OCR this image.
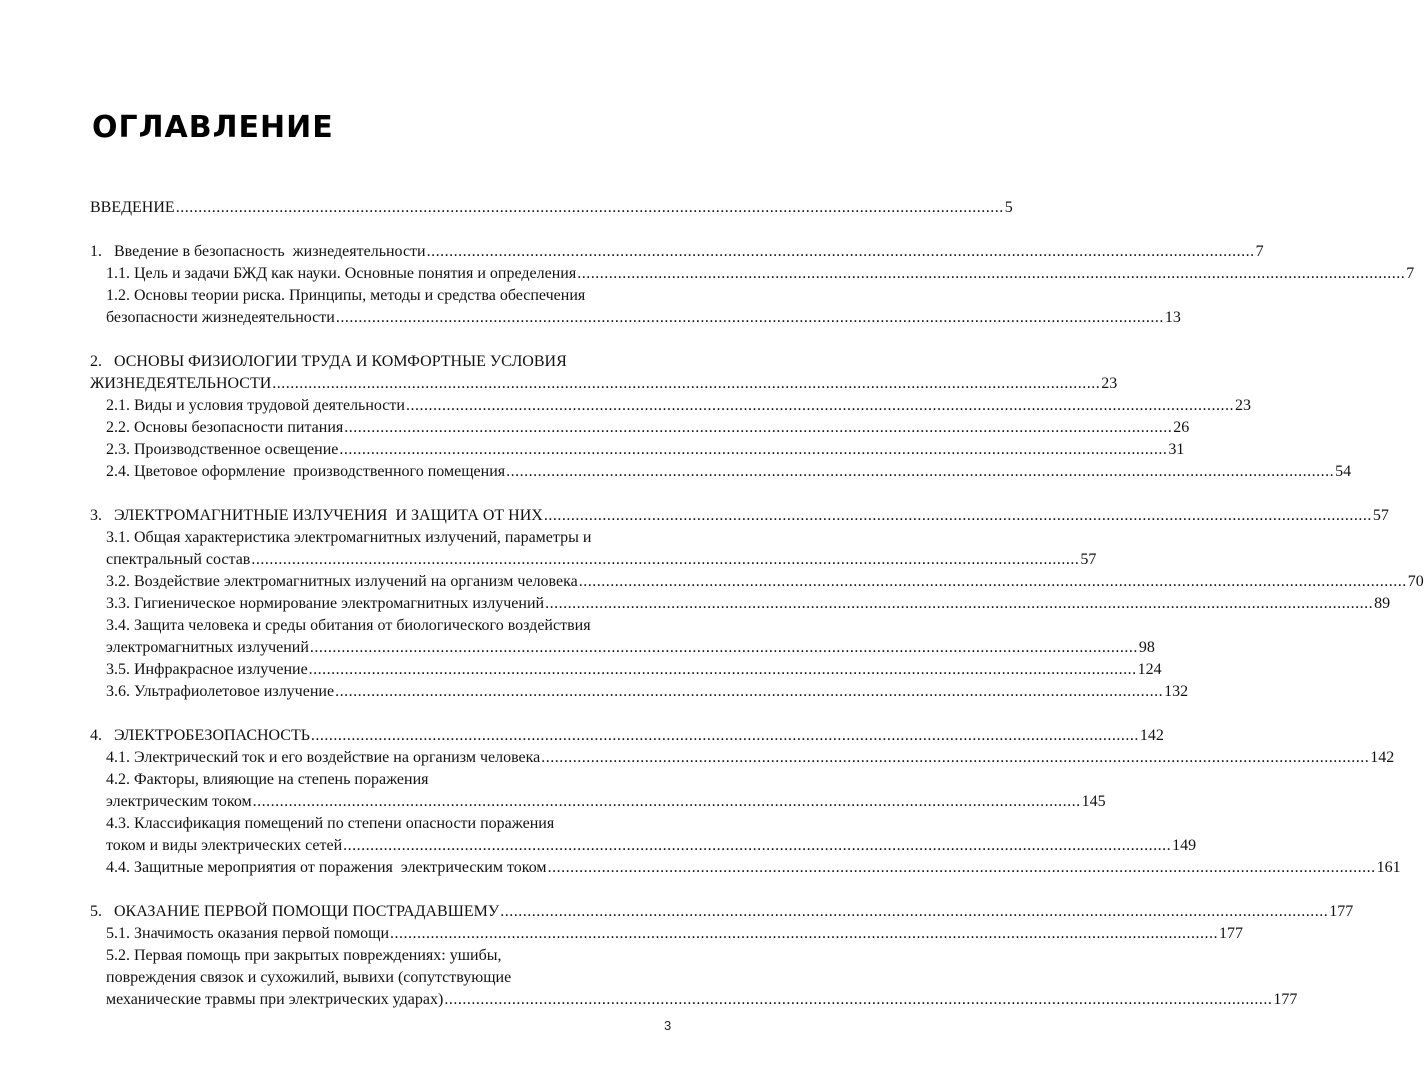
ОГЛАВЛЕНИЕ
ВВЕДЕНИЕ .....	5
1.   Введение в безопасность  жизнедеятельности .....	7
1.1. Цель и задачи БЖД как науки. Основные понятия и определения .....	7
1.2. Основы теории риска. Принципы, методы и средства обеспечения
безопасности жизнедеятельности .....	13
2.   ОСНОВЫ ФИЗИОЛОГИИ ТРУДА И КОМФОРТНЫЕ УСЛОВИЯ
ЖИЗНЕДЕЯТЕЛЬНОСТИ .....	23
2.1. Виды и условия трудовой деятельности .....	23
2.2. Основы безопасности питания .....	26
2.3. Производственное освещение .....	31
2.4. Цветовое оформление  производственного помещения .....	54
3.   ЭЛЕКТРОМАГНИТНЫЕ ИЗЛУЧЕНИЯ  И ЗАЩИТА ОТ НИХ .....	57
3.1. Общая характеристика электромагнитных излучений, параметры и
спектральный состав .....	57
3.2. Воздействие электромагнитных излучений на организм человека .....	70
3.3. Гигиеническое нормирование электромагнитных излучений .....	89
3.4. Защита человека и среды обитания от биологического воздействия
электромагнитных излучений .....	98
3.5. Инфракрасное излучение .....	124
3.6. Ультрафиолетовое излучение .....	132
4.   ЭЛЕКТРОБЕЗОПАСНОСТЬ .....	142
4.1. Электрический ток и его воздействие на организм человека .....	142
4.2. Факторы, влияющие на степень поражения
электрическим током .....	145
4.3. Классификация помещений по степени опасности поражения
током и виды электрических сетей .....	149
4.4. Защитные мероприятия от поражения  электрическим током .....	161
5.   ОКАЗАНИЕ ПЕРВОЙ ПОМОЩИ ПОСТРАДАВШЕМУ .....	177
5.1. Значимость оказания первой помощи .....	177
5.2. Первая помощь при закрытых повреждениях: ушибы,
повреждения связок и сухожилий, вывихи (сопутствующие
механические травмы при электрических ударах) .....	177
3
